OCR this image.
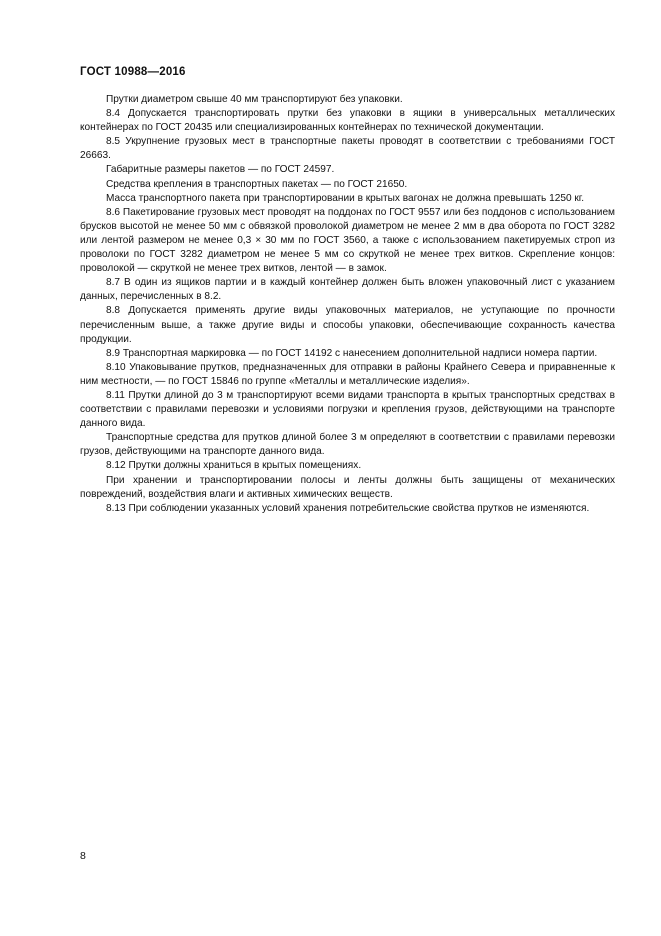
ГОСТ 10988—2016

Прутки диаметром свыше 40 мм транспортируют без упаковки.

8.4 Допускается транспортировать прутки без упаковки в ящики в универсальных металлических контейнерах по ГОСТ 20435 или специализированных контейнерах по технической документации.

8.5 Укрупнение грузовых мест в транспортные пакеты проводят в соответствии с требованиями ГОСТ 26663.

Габаритные размеры пакетов — по ГОСТ 24597.

Средства крепления в транспортных пакетах — по ГОСТ 21650.

Масса транспортного пакета при транспортировании в крытых вагонах не должна превышать 1250 кг.

8.6 Пакетирование грузовых мест проводят на поддонах по ГОСТ 9557 или без поддонов с использованием брусков высотой не менее 50 мм с обвязкой проволокой диаметром не менее 2 мм в два оборота по ГОСТ 3282 или лентой размером не менее 0,3 × 30 мм по ГОСТ 3560, а также с использованием пакетируемых строп из проволоки по ГОСТ 3282 диаметром не менее 5 мм со скруткой не менее трех витков. Скрепление концов: проволокой — скруткой не менее трех витков, лентой — в замок.

8.7 В один из ящиков партии и в каждый контейнер должен быть вложен упаковочный лист с указанием данных, перечисленных в 8.2.

8.8 Допускается применять другие виды упаковочных материалов, не уступающие по прочности перечисленным выше, а также другие виды и способы упаковки, обеспечивающие сохранность качества продукции.

8.9 Транспортная маркировка — по ГОСТ 14192 с нанесением дополнительной надписи номера партии.

8.10 Упаковывание прутков, предназначенных для отправки в районы Крайнего Севера и приравненные к ним местности, — по ГОСТ 15846 по группе «Металлы и металлические изделия».

8.11 Прутки длиной до 3 м транспортируют всеми видами транспорта в крытых транспортных средствах в соответствии с правилами перевозки и условиями погрузки и крепления грузов, действующими на транспорте данного вида.

Транспортные средства для прутков длиной более 3 м определяют в соответствии с правилами перевозки грузов, действующими на транспорте данного вида.

8.12 Прутки должны храниться в крытых помещениях.

При хранении и транспортировании полосы и ленты должны быть защищены от механических повреждений, воздействия влаги и активных химических веществ.

8.13 При соблюдении указанных условий хранения потребительские свойства прутков не изменяются.

8
